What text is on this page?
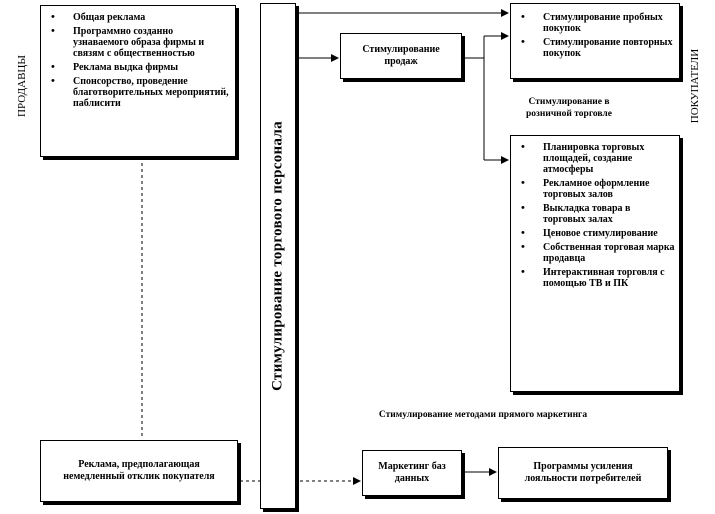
ПРОДАВЦЫ	ПОКУПАТЕЛИ
• Общая реклама
• Программно созданно узнаваемого образа фирмы и связям с общественностью
• Реклама выдка фирмы
• Спонсорство, проведение благотворительных мероприятий, паблисити
Стимулирование торгового персонала
Стимулирование продаж
• Стимулирование пробных покупок
• Стимулирование повторных покупок
Стимулирование в розничной торговле
• Планировка торговых площадей, создание атмосферы
• Рекламное оформление торговых залов
• Выкладка товара в торговых залах
• Ценовое стимулирование
• Собственная торговая марка продавца
• Интерактивная торговля с помощью ТВ и ПК
Стимулирование методами прямого маркетинга
Реклама, предполагающая немедленный отклик покупателя
Маркетинг баз данных
Программы усиления лояльности потребителей
